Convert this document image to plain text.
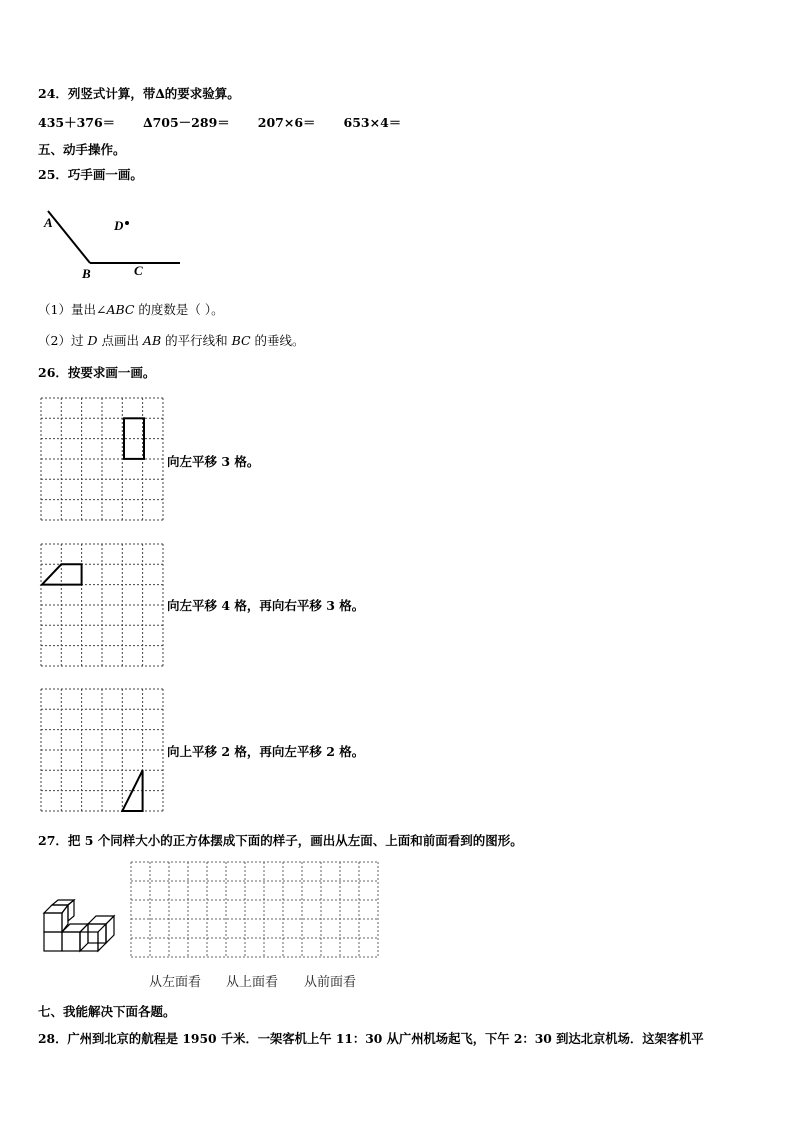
24．列竖式计算，带∆的要求验算。
435＋376＝ ∆705－289＝ 207×6＝ 653×4＝
五、动手操作。
25．巧手画一画。
A
B	C
D
（1）量出∠ABC 的度数是（ ）。
（2）过 D 点画出 AB 的平行线和 BC 的垂线。
26．按要求画一画。
向左平移 3 格。
向左平移 4 格，再向右平移 3 格。
向上平移 2 格，再向左平移 2 格。
27．把 5 个同样大小的正方体摆成下面的样子，画出从左面、上面和前面看到的图形。
从左面看 从上面看 从前面看
七、我能解决下面各题。
28．广州到北京的航程是 1950 千米．一架客机上午 11：30 从广州机场起飞，下午 2：30 到达北京机场．这架客机平
